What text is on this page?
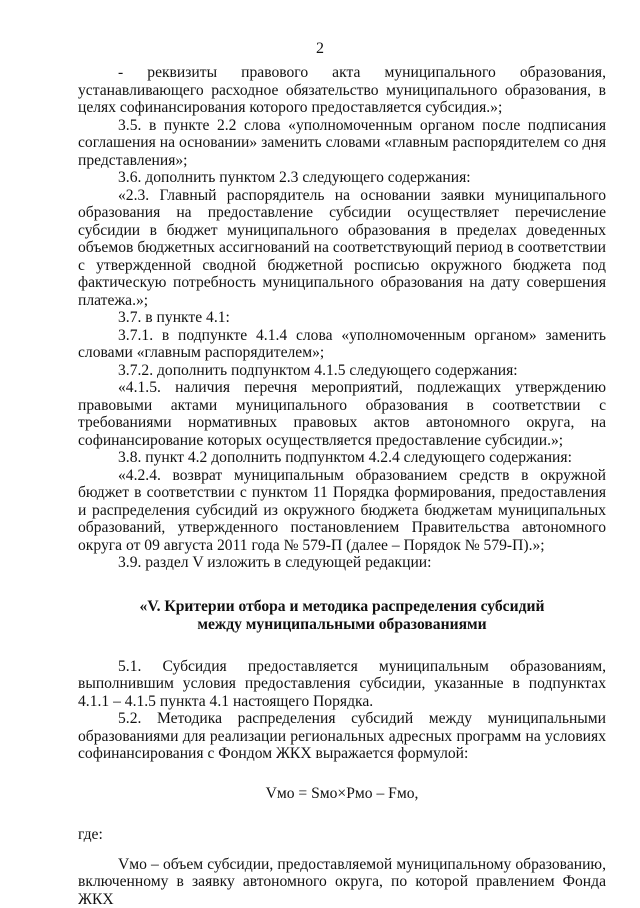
2

- реквизиты правового акта муниципального образования, устанавливающего расходное обязательство муниципального образования, в целях софинансирования которого предоставляется субсидия.»;

3.5. в пункте 2.2 слова «уполномоченным органом после подписания соглашения на основании» заменить словами «главным распорядителем со дня представления»;

3.6. дополнить пунктом 2.3 следующего содержания:

«2.3. Главный распорядитель на основании заявки муниципального образования на предоставление субсидии осуществляет перечисление субсидии в бюджет муниципального образования в пределах доведенных объемов бюджетных ассигнований на соответствующий период в соответствии с утвержденной сводной бюджетной росписью окружного бюджета под фактическую потребность муниципального образования на дату совершения платежа.»;

3.7. в пункте 4.1:

3.7.1. в подпункте 4.1.4 слова «уполномоченным органом» заменить словами «главным распорядителем»;

3.7.2. дополнить подпунктом 4.1.5 следующего содержания:

«4.1.5. наличия перечня мероприятий, подлежащих утверждению правовыми актами муниципального образования в соответствии с требованиями нормативных правовых актов автономного округа, на софинансирование которых осуществляется предоставление субсидии.»;

3.8. пункт 4.2 дополнить подпунктом 4.2.4 следующего содержания:

«4.2.4. возврат муниципальным образованием средств в окружной бюджет в соответствии с пунктом 11 Порядка формирования, предоставления и распределения субсидий из окружного бюджета бюджетам муниципальных образований, утвержденного постановлением Правительства автономного округа от 09 августа 2011 года № 579-П (далее – Порядок № 579-П).»;

3.9. раздел V изложить в следующей редакции:

«V. Критерии отбора и методика распределения субсидий
между муниципальными образованиями

5.1. Субсидия предоставляется муниципальным образованиям, выполнившим условия предоставления субсидии, указанные в подпунктах 4.1.1 – 4.1.5 пункта 4.1 настоящего Порядка.

5.2. Методика распределения субсидий между муниципальными образованиями для реализации региональных адресных программ на условиях софинансирования с Фондом ЖКХ выражается формулой:

Vмо = Sмо×Pмо – Fмо,

где:

Vмо – объем субсидии, предоставляемой муниципальному образованию, включенному в заявку автономного округа, по которой правлением Фонда ЖКХ
